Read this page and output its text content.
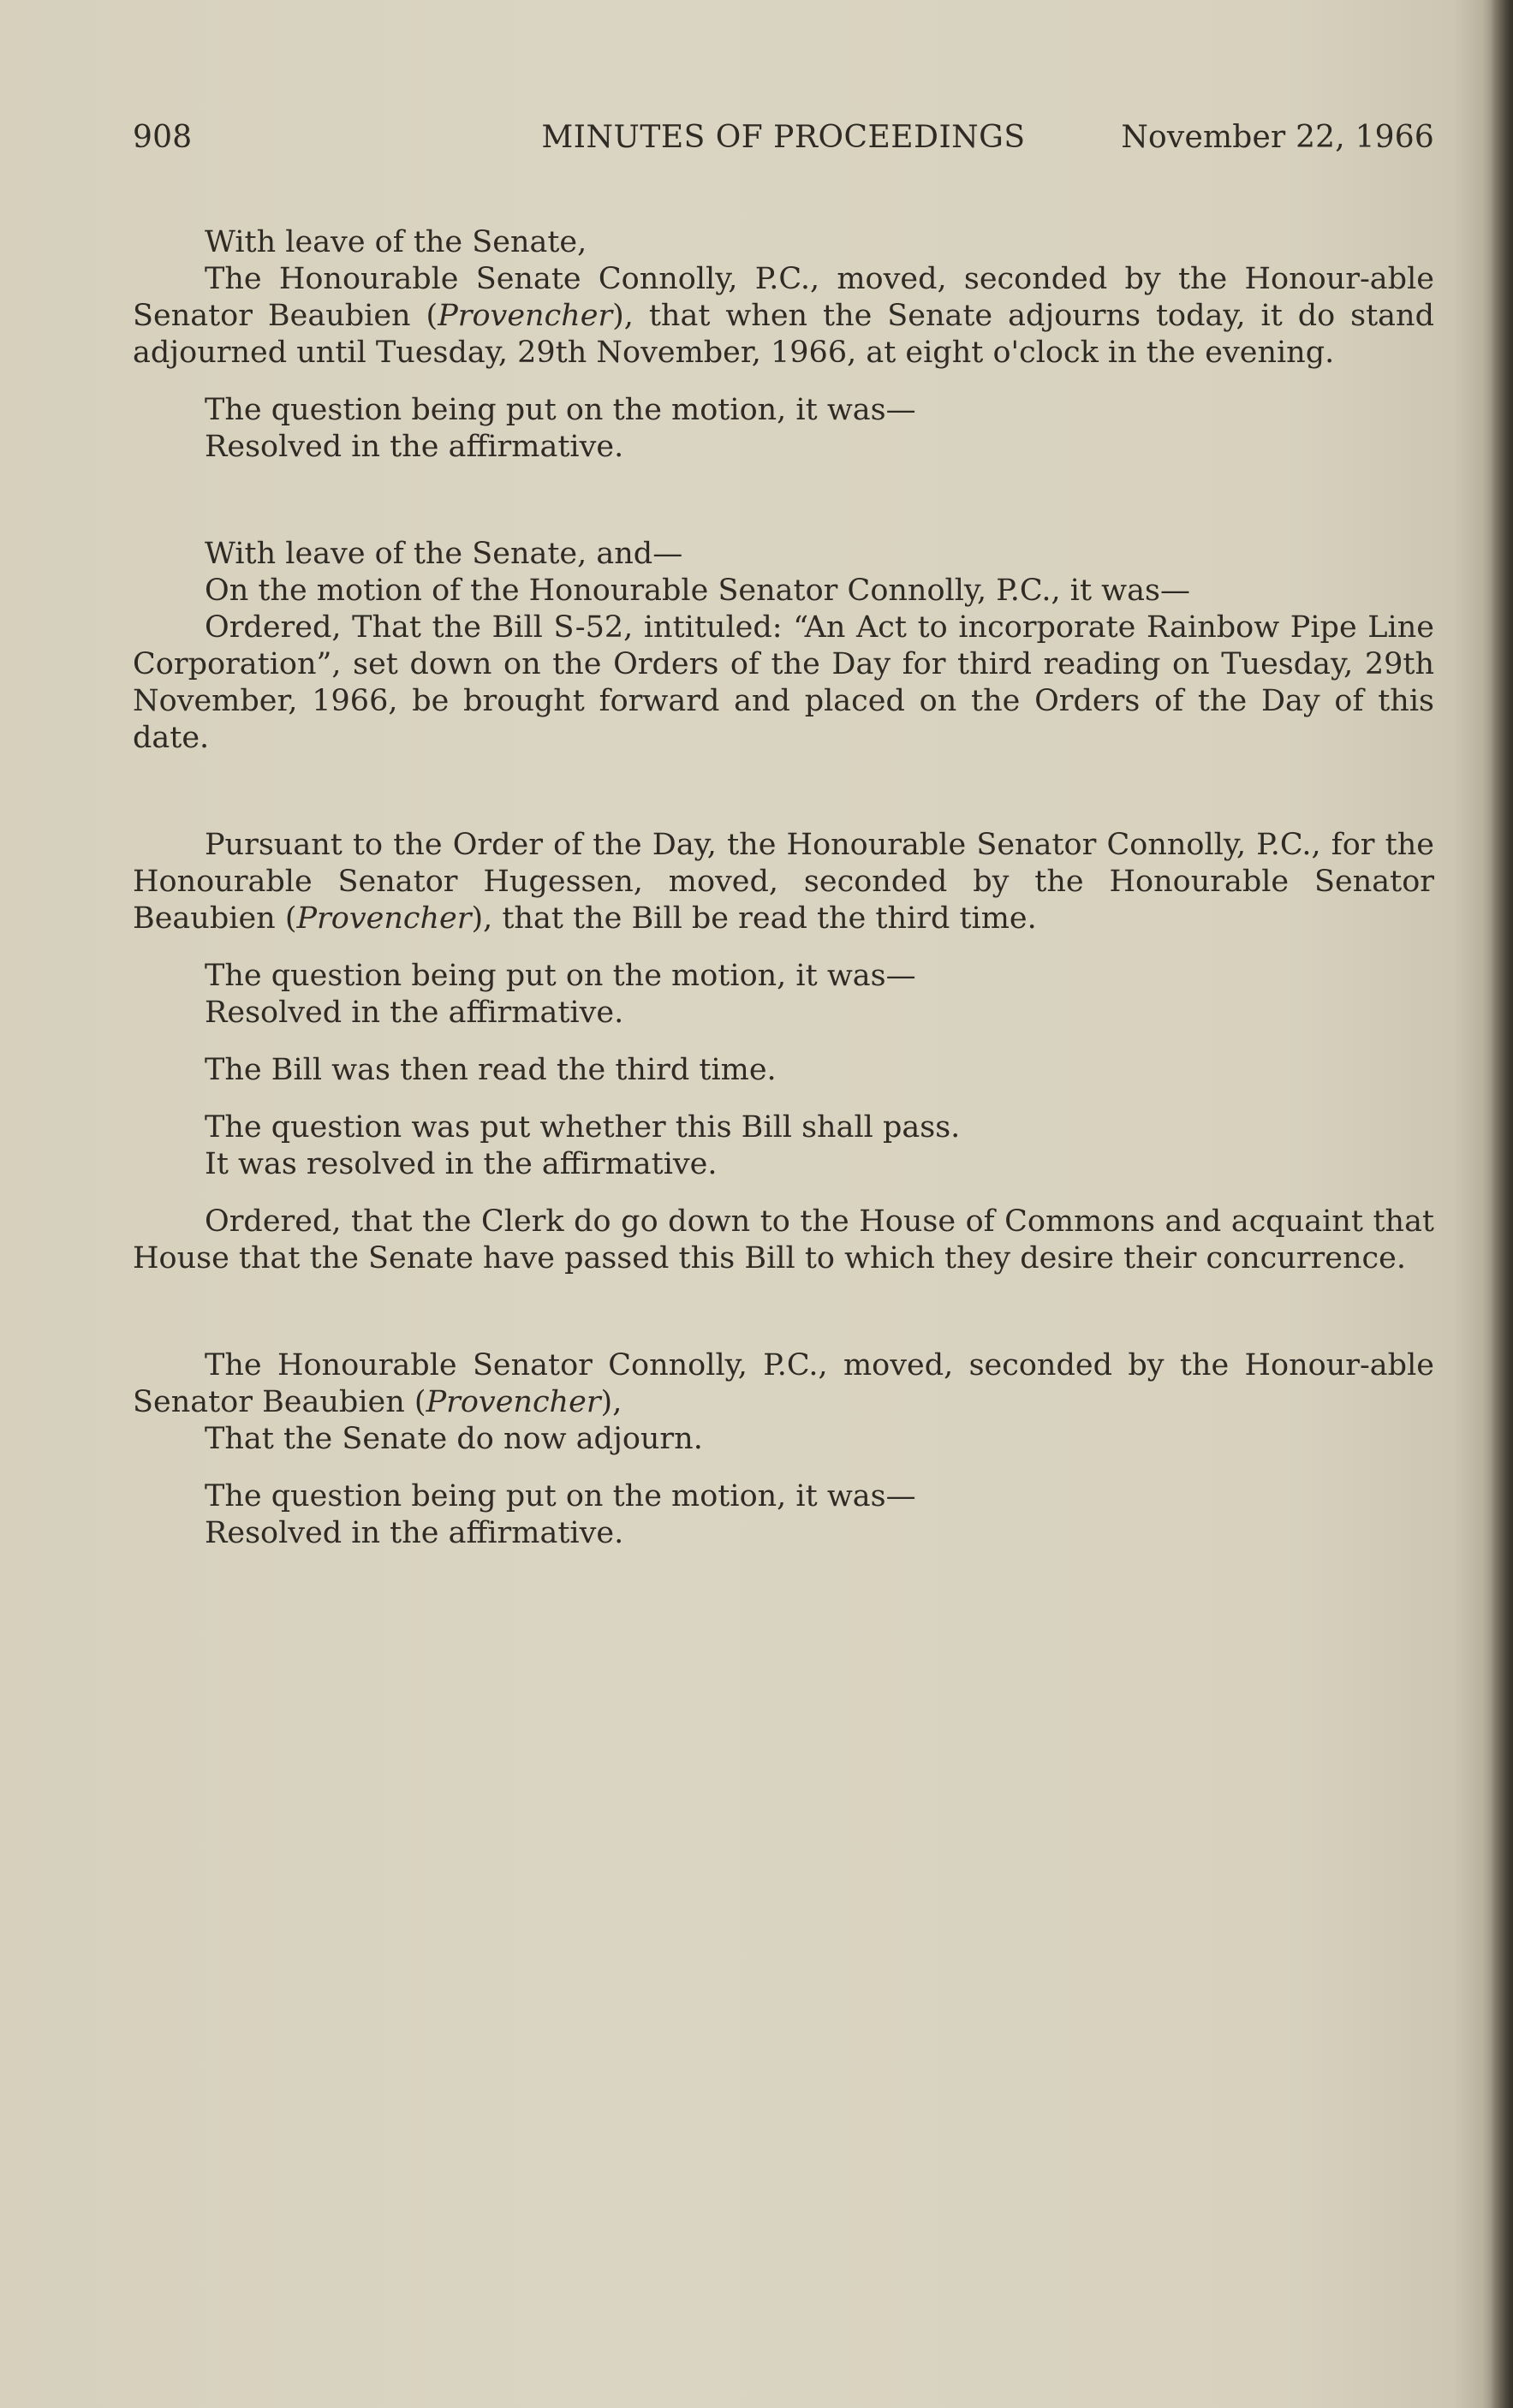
908	MINUTES OF PROCEEDINGS	November 22, 1966

With leave of the Senate,

The Honourable Senate Connolly, P.C., moved, seconded by the Honour-able Senator Beaubien (Provencher), that when the Senate adjourns today, it do stand adjourned until Tuesday, 29th November, 1966, at eight o'clock in the evening.

The question being put on the motion, it was—

Resolved in the affirmative.

With leave of the Senate, and—

On the motion of the Honourable Senator Connolly, P.C., it was—

Ordered, That the Bill S-52, intituled: “An Act to incorporate Rainbow Pipe Line Corporation”, set down on the Orders of the Day for third reading on Tuesday, 29th November, 1966, be brought forward and placed on the Orders of the Day of this date.

Pursuant to the Order of the Day, the Honourable Senator Connolly, P.C., for the Honourable Senator Hugessen, moved, seconded by the Honourable Senator Beaubien (Provencher), that the Bill be read the third time.

The question being put on the motion, it was—

Resolved in the affirmative.

The Bill was then read the third time.

The question was put whether this Bill shall pass.

It was resolved in the affirmative.

Ordered, that the Clerk do go down to the House of Commons and acquaint that House that the Senate have passed this Bill to which they desire their concurrence.

The Honourable Senator Connolly, P.C., moved, seconded by the Honour-able Senator Beaubien (Provencher),

That the Senate do now adjourn.

The question being put on the motion, it was—

Resolved in the affirmative.
